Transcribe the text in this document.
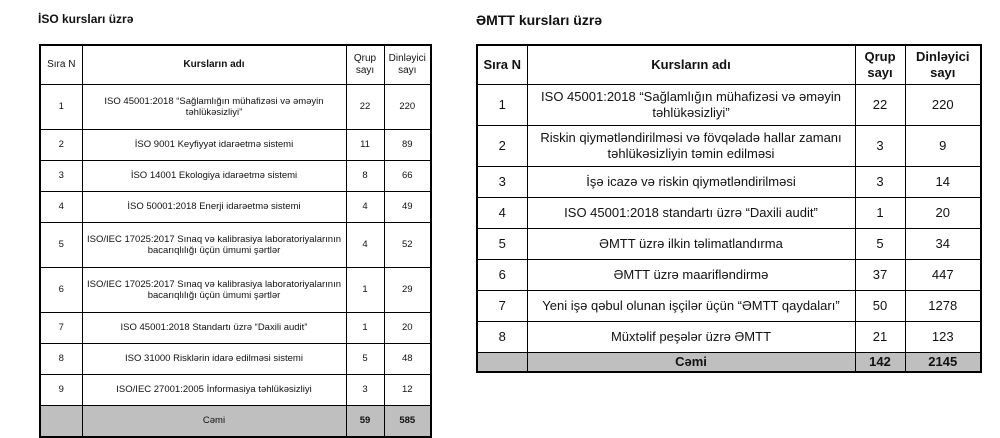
İSO kursları üzrə	ƏMTT kursları üzrə
Sıra N	Kursların adı	Qrup sayı	Dinləyici sayı
1	ISO 45001:2018 “Sağlamlığın mühafizəsi və əməyin təhlükəsizliyi”	22	220
2	İSO 9001 Keyfiyyət idarəetmə sistemi	11	89
3	İSO 14001 Ekologiya idarəetmə sistemi	8	66
4	İSO 50001:2018 Enerji idarəetmə sistemi	4	49
5	ISO/IEC 17025:2017 Sınaq və kalibrasiya laboratoriyalarının bacarıqlılığı üçün ümumi şərtlər	4	52
6	ISO/IEC 17025:2017 Sınaq və kalibrasiya laboratoriyalarının bacarıqlılığı üçün ümumi şərtlər	1	29
7	ISO 45001:2018 Standartı üzrə “Daxili audit”	1	20
8	ISO 31000 Risklərin idarə edilməsi sistemi	5	48
9	ISO/IEC 27001:2005 İnformasiya təhlükəsizliyi	3	12
	Cəmi	59	585
Sıra N	Kursların adı	Qrup sayı	Dinləyici sayı
1	ISO 45001:2018 “Sağlamlığın mühafizəsi və əməyin təhlükəsizliyi”	22	220
2	Riskin qiymətləndirilməsi və fövqəladə hallar zamanı təhlükəsizliyin təmin edilməsi	3	9
3	İşə icazə və riskin qiymətləndirilməsi	3	14
4	ISO 45001:2018 standartı üzrə “Daxili audit”	1	20
5	ƏMTT üzrə ilkin təlimatlandırma	5	34
6	ƏMTT üzrə maarifləndirmə	37	447
7	Yeni işə qəbul olunan işçilər üçün “ƏMTT qaydaları”	50	1278
8	Müxtəlif peşələr üzrə ƏMTT	21	123
	Cəmi	142	2145
